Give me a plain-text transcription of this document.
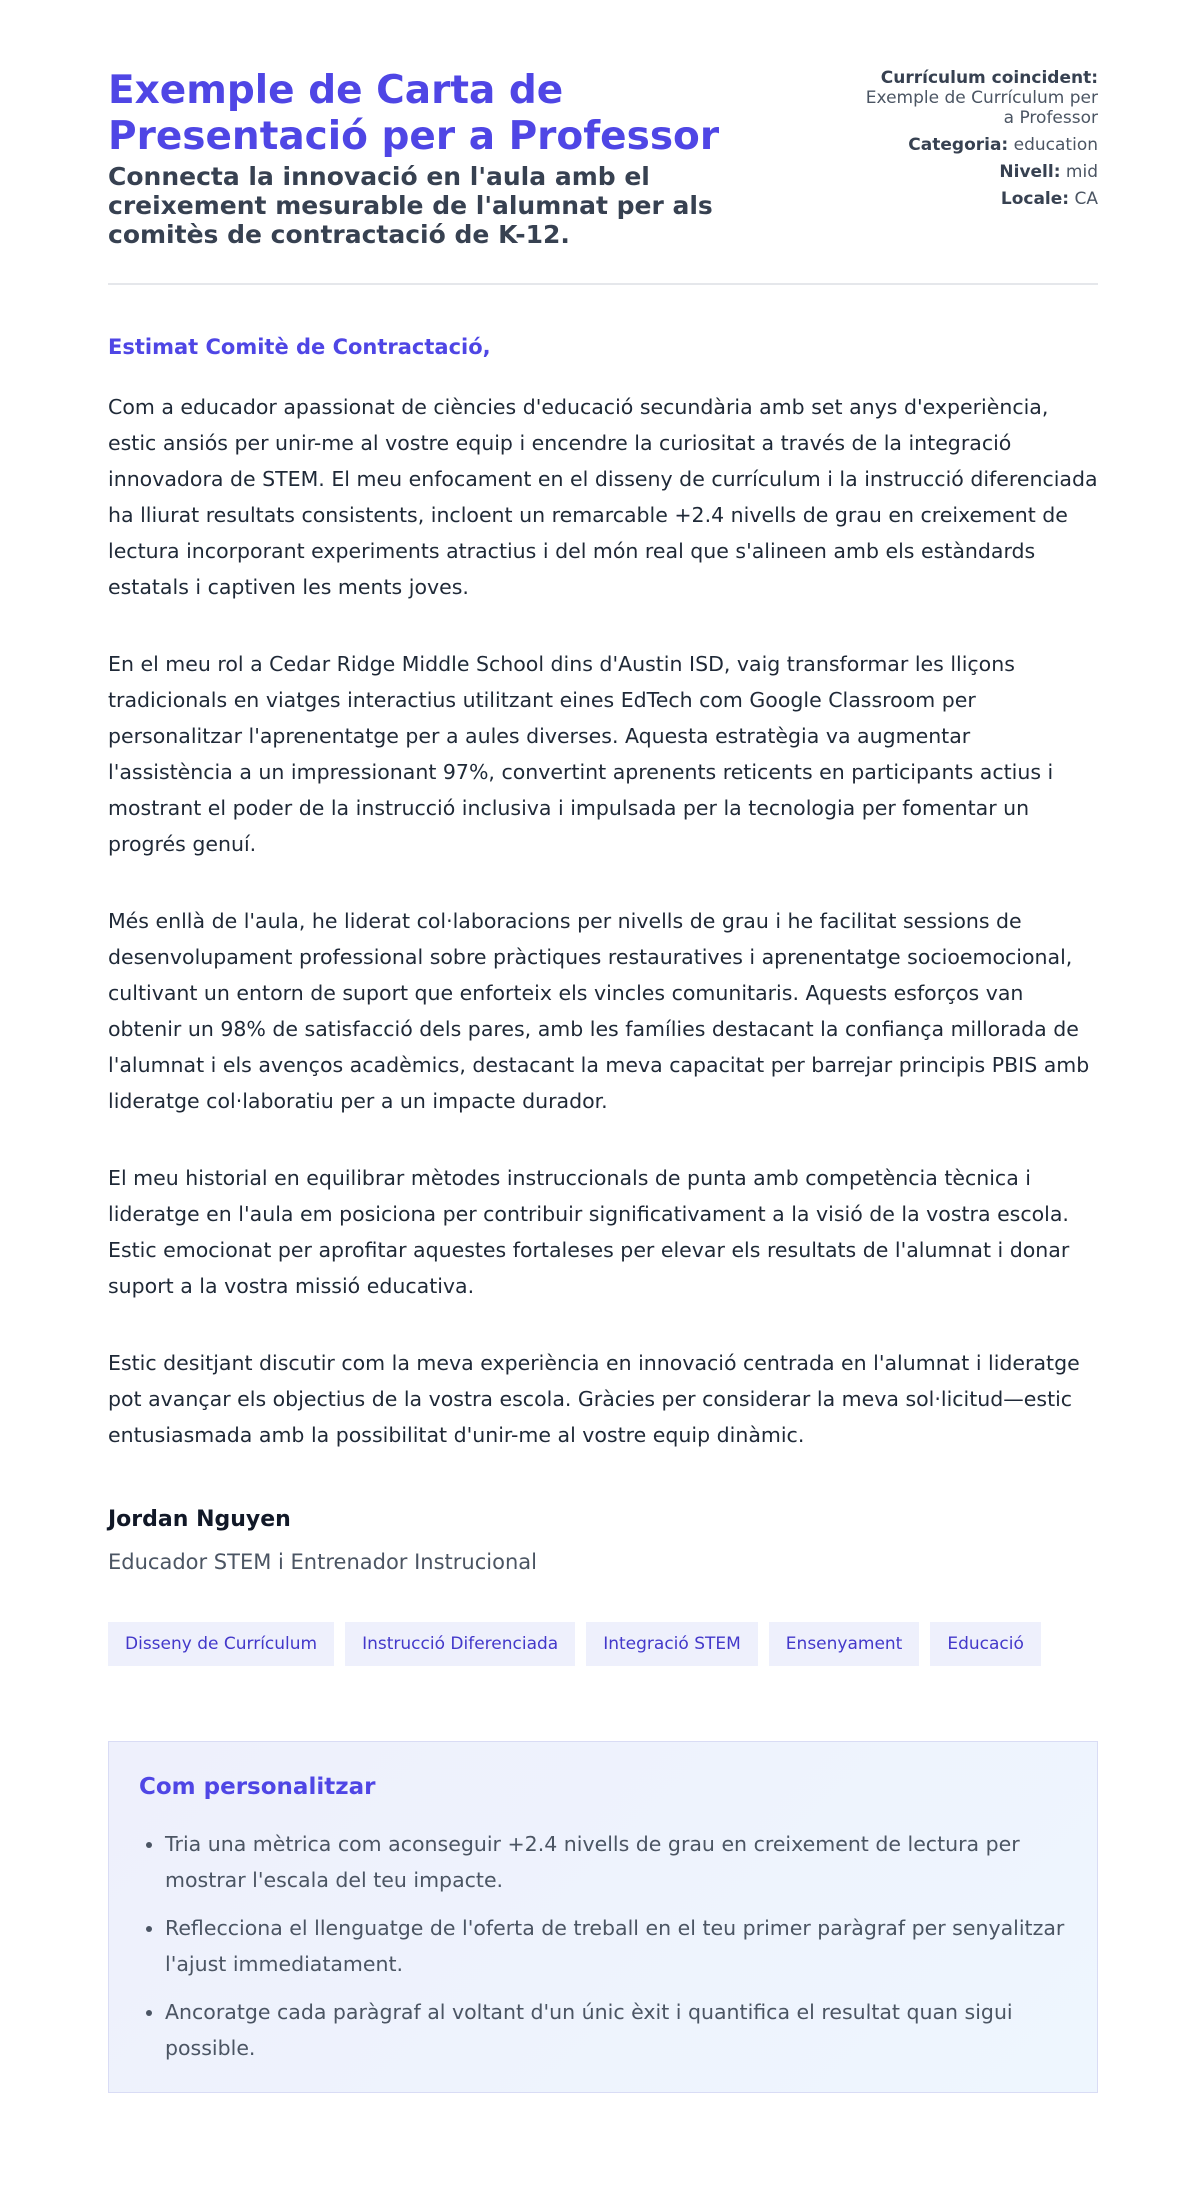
Exemple de Carta de Presentació per a Professor

Connecta la innovació en l'aula amb el creixement mesurable de l'alumnat per als comitès de contractació de K-12.

Currículum coincident:
Exemple de Currículum per a Professor
Categoria: education
Nivell: mid
Locale: CA

Estimat Comitè de Contractació,

Com a educador apassionat de ciències d'educació secundària amb set anys d'experiència, estic ansiós per unir-me al vostre equip i encendre la curiositat a través de la integració innovadora de STEM. El meu enfocament en el disseny de currículum i la instrucció diferenciada ha lliurat resultats consistents, incloent un remarcable +2.4 nivells de grau en creixement de lectura incorporant experiments atractius i del món real que s'alineen amb els estàndards estatals i captiven les ments joves.

En el meu rol a Cedar Ridge Middle School dins d'Austin ISD, vaig transformar les lliçons tradicionals en viatges interactius utilitzant eines EdTech com Google Classroom per personalitzar l'aprenentatge per a aules diverses. Aquesta estratègia va augmentar l'assistència a un impressionant 97%, convertint aprenents reticents en participants actius i mostrant el poder de la instrucció inclusiva i impulsada per la tecnologia per fomentar un progrés genuí.

Més enllà de l'aula, he liderat col·laboracions per nivells de grau i he facilitat sessions de desenvolupament professional sobre pràctiques restauratives i aprenentatge socioemocional, cultivant un entorn de suport que enforteix els vincles comunitaris. Aquests esforços van obtenir un 98% de satisfacció dels pares, amb les famílies destacant la confiança millorada de l'alumnat i els avenços acadèmics, destacant la meva capacitat per barrejar principis PBIS amb lideratge col·laboratiu per a un impacte durador.

El meu historial en equilibrar mètodes instruccionals de punta amb competència tècnica i lideratge en l'aula em posiciona per contribuir significativament a la visió de la vostra escola. Estic emocionat per aprofitar aquestes fortaleses per elevar els resultats de l'alumnat i donar suport a la vostra missió educativa.

Estic desitjant discutir com la meva experiència en innovació centrada en l'alumnat i lideratge pot avançar els objectius de la vostra escola. Gràcies per considerar la meva sol·licitud—estic entusiasmada amb la possibilitat d'unir-me al vostre equip dinàmic.

Jordan Nguyen
Educador STEM i Entrenador Instrucional
Disseny de Currículum	Instrucció Diferenciada	Integració STEM	Ensenyament	Educació
Com personalitzar
• Tria una mètrica com aconseguir +2.4 nivells de grau en creixement de lectura per mostrar l'escala del teu impacte.
• Reflecciona el llenguatge de l'oferta de treball en el teu primer paràgraf per senyalitzar l'ajust immediatament.
• Ancoratge cada paràgraf al voltant d'un únic èxit i quantifica el resultat quan sigui possible.
